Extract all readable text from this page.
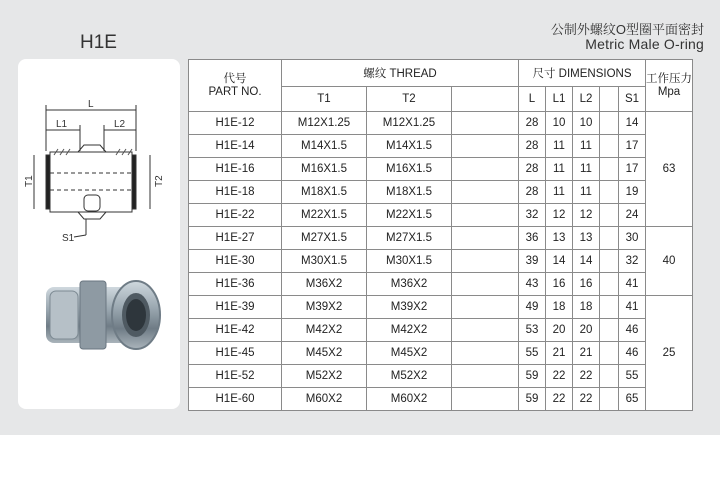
H1E
公制外螺纹O型圈平面密封
Metric Male O-ring
L
L1	L2
T1	T2
S1
代号
PART NO.	螺纹 THREAD			尺寸 DIMENSIONS					工作压力
Mpa
	T1	T2		L	L1	L2		S1	
H1E-12	M12X1.25	M12X1.25		28	10	10		14	63
H1E-14	M14X1.5	M14X1.5		28	11	11		17	
H1E-16	M16X1.5	M16X1.5		28	11	11		17	
H1E-18	M18X1.5	M18X1.5		28	11	11		19	
H1E-22	M22X1.5	M22X1.5		32	12	12		24	
H1E-27	M27X1.5	M27X1.5		36	13	13		30	40
H1E-30	M30X1.5	M30X1.5		39	14	14		32	
H1E-36	M36X2	M36X2		43	16	16		41	
H1E-39	M39X2	M39X2		49	18	18		41	25
H1E-42	M42X2	M42X2		53	20	20		46	
H1E-45	M45X2	M45X2		55	21	21		46	
H1E-52	M52X2	M52X2		59	22	22		55	
H1E-60	M60X2	M60X2		59	22	22		65	
